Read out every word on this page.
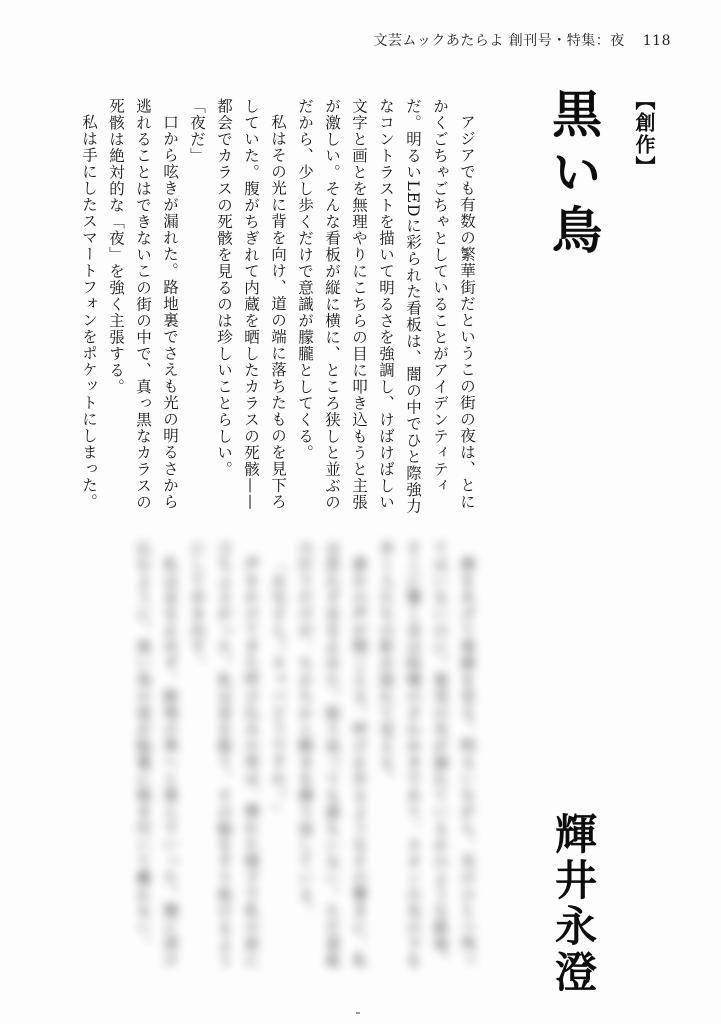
文芸ムックあたらよ 創刊号・特集：夜 118
【創作】
黒い鳥
輝井永澄

アジアでも有数の繁華街だというこの街の夜は、とにかくごちゃごちゃとしていることがアイデンティティだ。明るいLEDに彩られた看板は、闇の中でひと際強力なコントラストを描いて明るさを強調し、けばけばしい文字と画とを無理やりにこちらの目に叩き込もうと主張が激しい。そんな看板が縦に横に、ところ狭しと並ぶのだから、少し歩くだけで意識が朦朧としてくる。

私はその光に背を向け、道の端に落ちたものを見下ろしていた。腹がちぎれて内蔵を晒したカラスの死骸——都会でカラスの死骸を見るのは珍しいことらしい。

「夜だ」

口から呟きが漏れた。路地裏でさえも光の明るさから逃れることはできないこの街の中で、真っ黒なカラスの死骸は絶対的な「夜」を強く主張する。

私は手にしたスマートフォンをポケットにしまった。

顔をあげて視線を見る。明るいながら、光のひとつ残ってはいないのに。電気の光が漏れているかのような路地。そこに響く音は喧噪のざわめきであり、ネオンの光の下を歩く人たちの影が揺れて見える。

誰かの声が聞こえる。呼び止めるようなその響きに、私は思わず足を止めた。振り返っても誰もいない。ただ看板の灯りだけが、ちかちかと瞬きを繰り返している。

「お兄さん！キャバどうですか！」

声をかけてきた呼び込みの男は、慣れた様子で私の前に立ちふさがった。私は首を振り、その脇をすり抜けるようにして歩き出す。

私は足を止めず、路地の奥へと進んでいった。闇に溶け込むように、黒い鳥の姿が脳裏に焼き付いて離れない。
